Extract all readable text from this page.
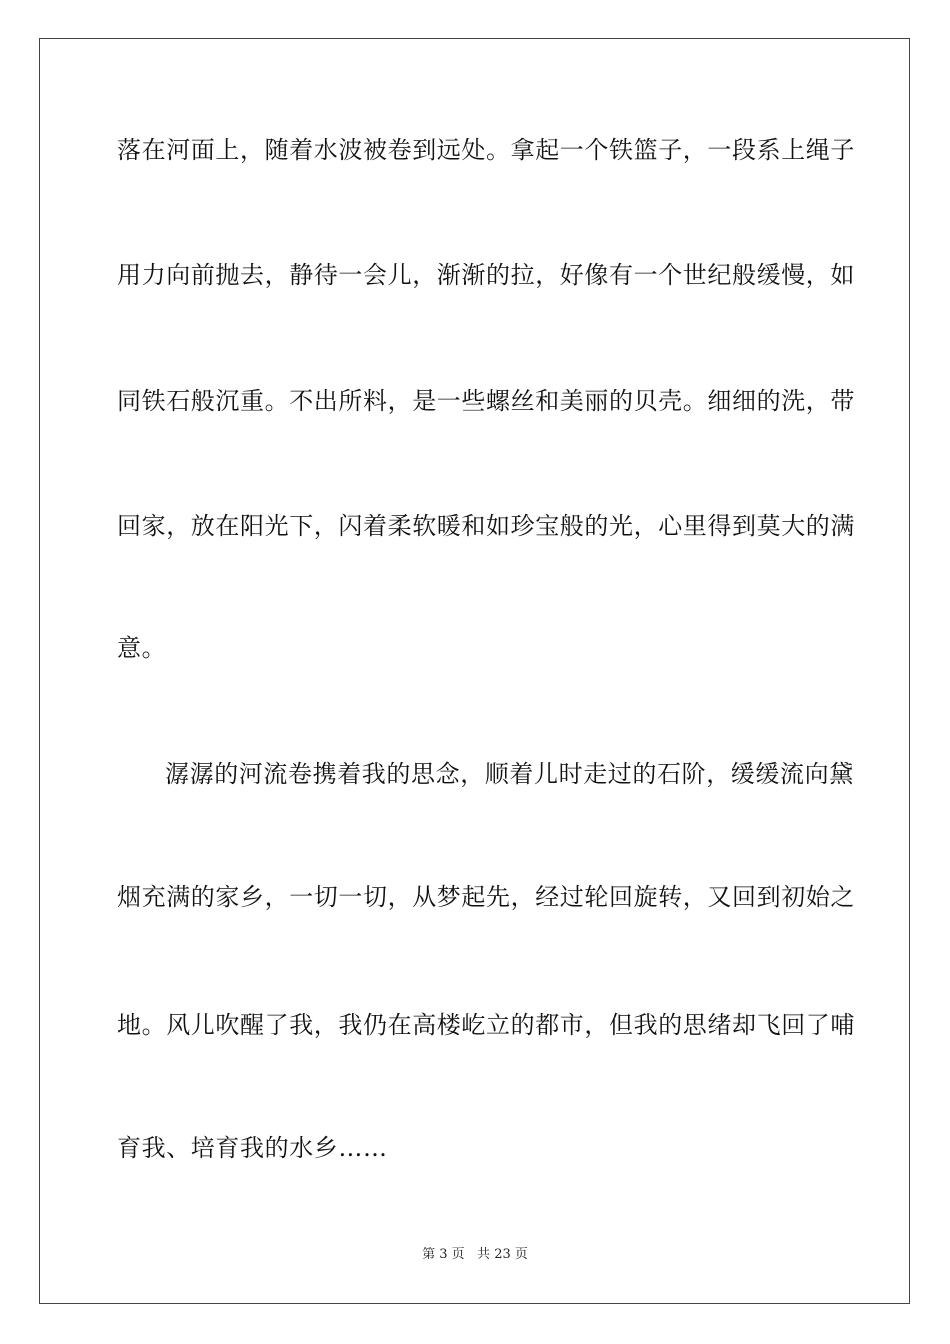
落在河面上，随着水波被卷到远处。拿起一个铁篮子，一段系上绳子
用力向前抛去，静待一会儿，渐渐的拉，好像有一个世纪般缓慢，如
同铁石般沉重。不出所料，是一些螺丝和美丽的贝壳。细细的洗，带
回家，放在阳光下，闪着柔软暖和如珍宝般的光，心里得到莫大的满
意。
潺潺的河流卷携着我的思念，顺着儿时走过的石阶，缓缓流向黛
烟充满的家乡，一切一切，从梦起先，经过轮回旋转，又回到初始之
地。风儿吹醒了我，我仍在高楼屹立的都市，但我的思绪却飞回了哺
育我、培育我的水乡……
第 3 页   共 23 页
